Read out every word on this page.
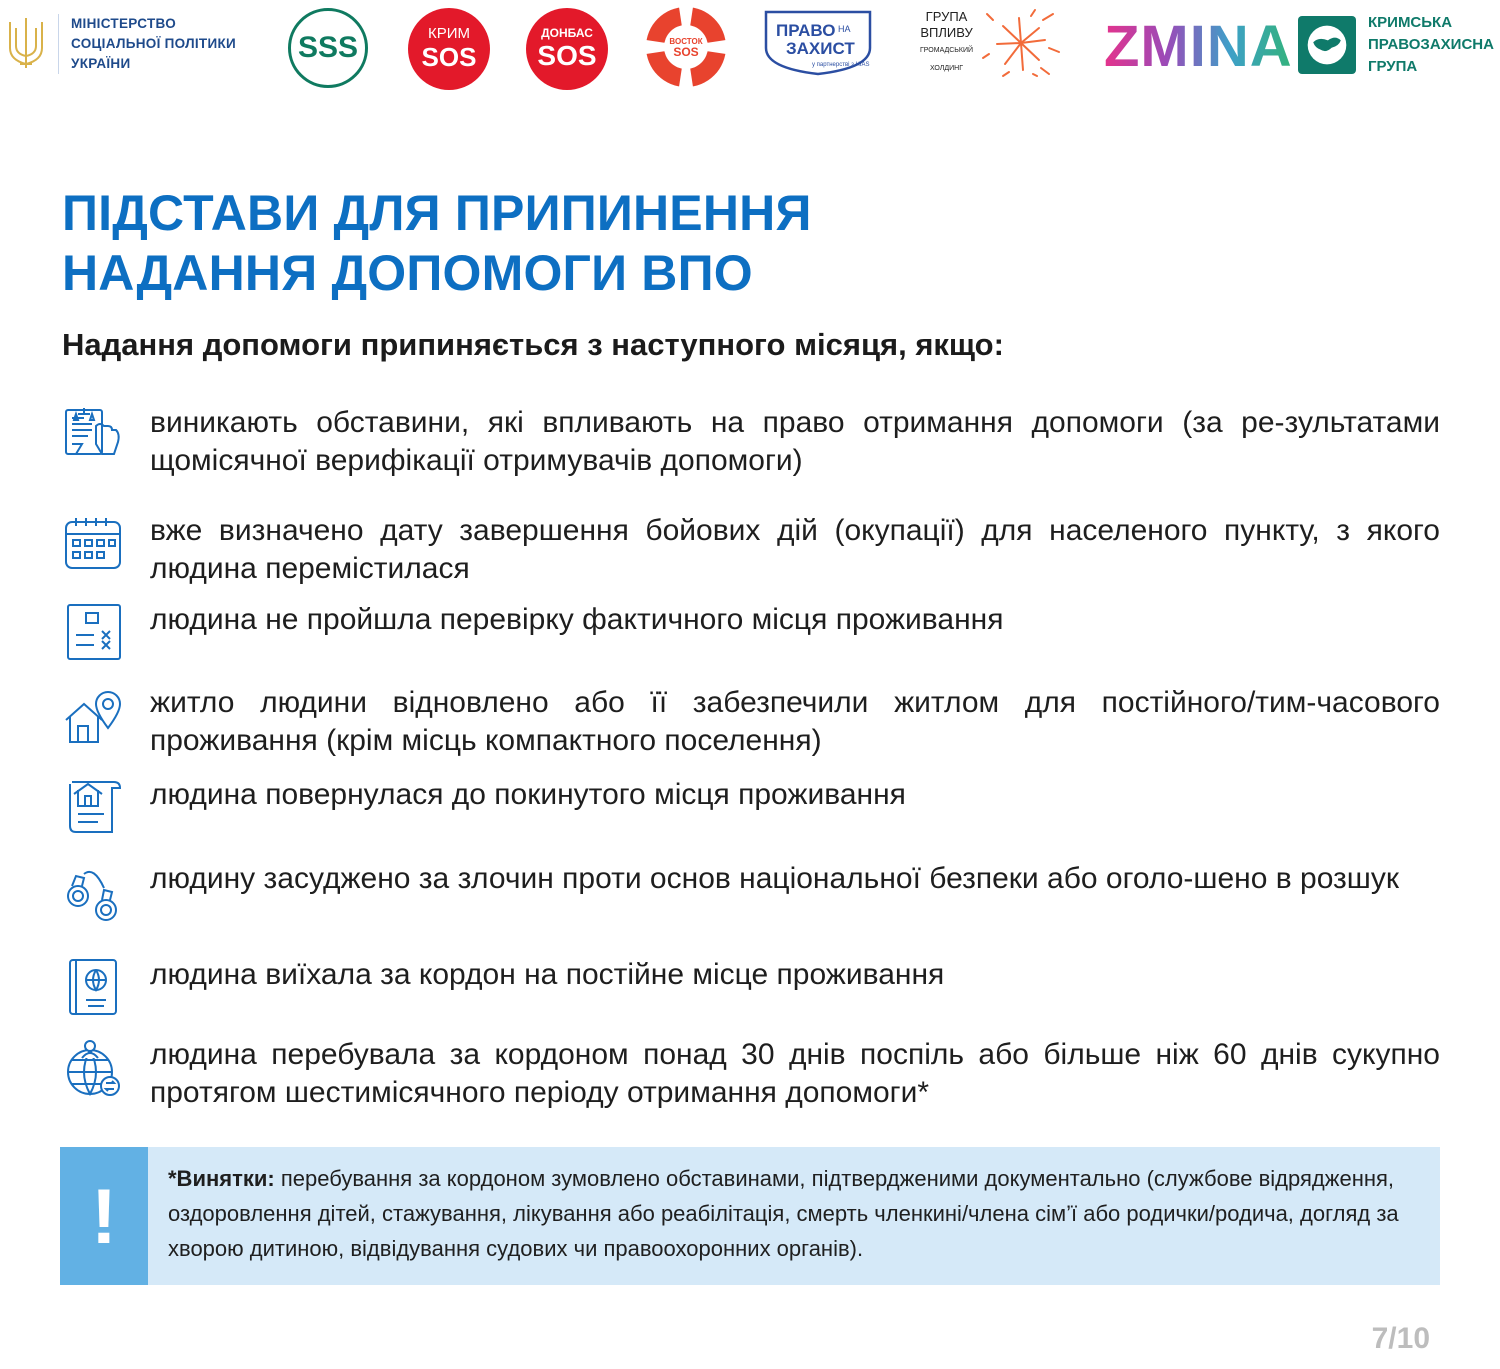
МІНІСТЕРСТВО
СОЦІАЛЬНОЇ ПОЛІТИКИ
УКРАЇНИ	SSS	КРИМ
SOS
ДОНБАС
SOS	ВОСТОК
SOS
ПРАВО НА
ЗАХИСТ
у партнерстві з HIAS
ГРУПА
ВПЛИВУ
ГРОМАДСЬКИЙ
ХОЛДИНГ ZMINA	КРИМСЬКА
ПРАВОЗАХИСНА
ГРУПА
ПІДСТАВИ ДЛЯ ПРИПИНЕННЯ
НАДАННЯ ДОПОМОГИ ВПО
Надання допомоги припиняється з наступного місяця, якщо:
виникають обставини, які впливають на право отримання допомоги (за ре-зультатами щомісячної верифікації отримувачів допомоги)
вже визначено дату завершення бойових дій (окупації) для населеного пункту, з якого людина перемістилася
людина не пройшла перевірку фактичного місця проживання
житло людини відновлено або її забезпечили житлом для постійного/тим-часового проживання (крім місць компактного поселення)
людина повернулася до покинутого місця проживання
людину засуджено за злочин проти основ національної безпеки або оголо-шено в розшук
людина виїхала за кордон на постійне місце проживання
людина перебувала за кордоном понад 30 днів поспіль або більше ніж 60 днів сукупно протягом шестимісячного періоду отримання допомоги*
! *Винятки: перебування за кордоном зумовлено обставинами, підтвердженими документально (службове відрядження, оздоровлення дітей, стажування, лікування або реабілітація, смерть членкині/члена сім’ї або родички/родича, догляд за хворою дитиною, відвідування судових чи правоохоронних органів).
7/10
